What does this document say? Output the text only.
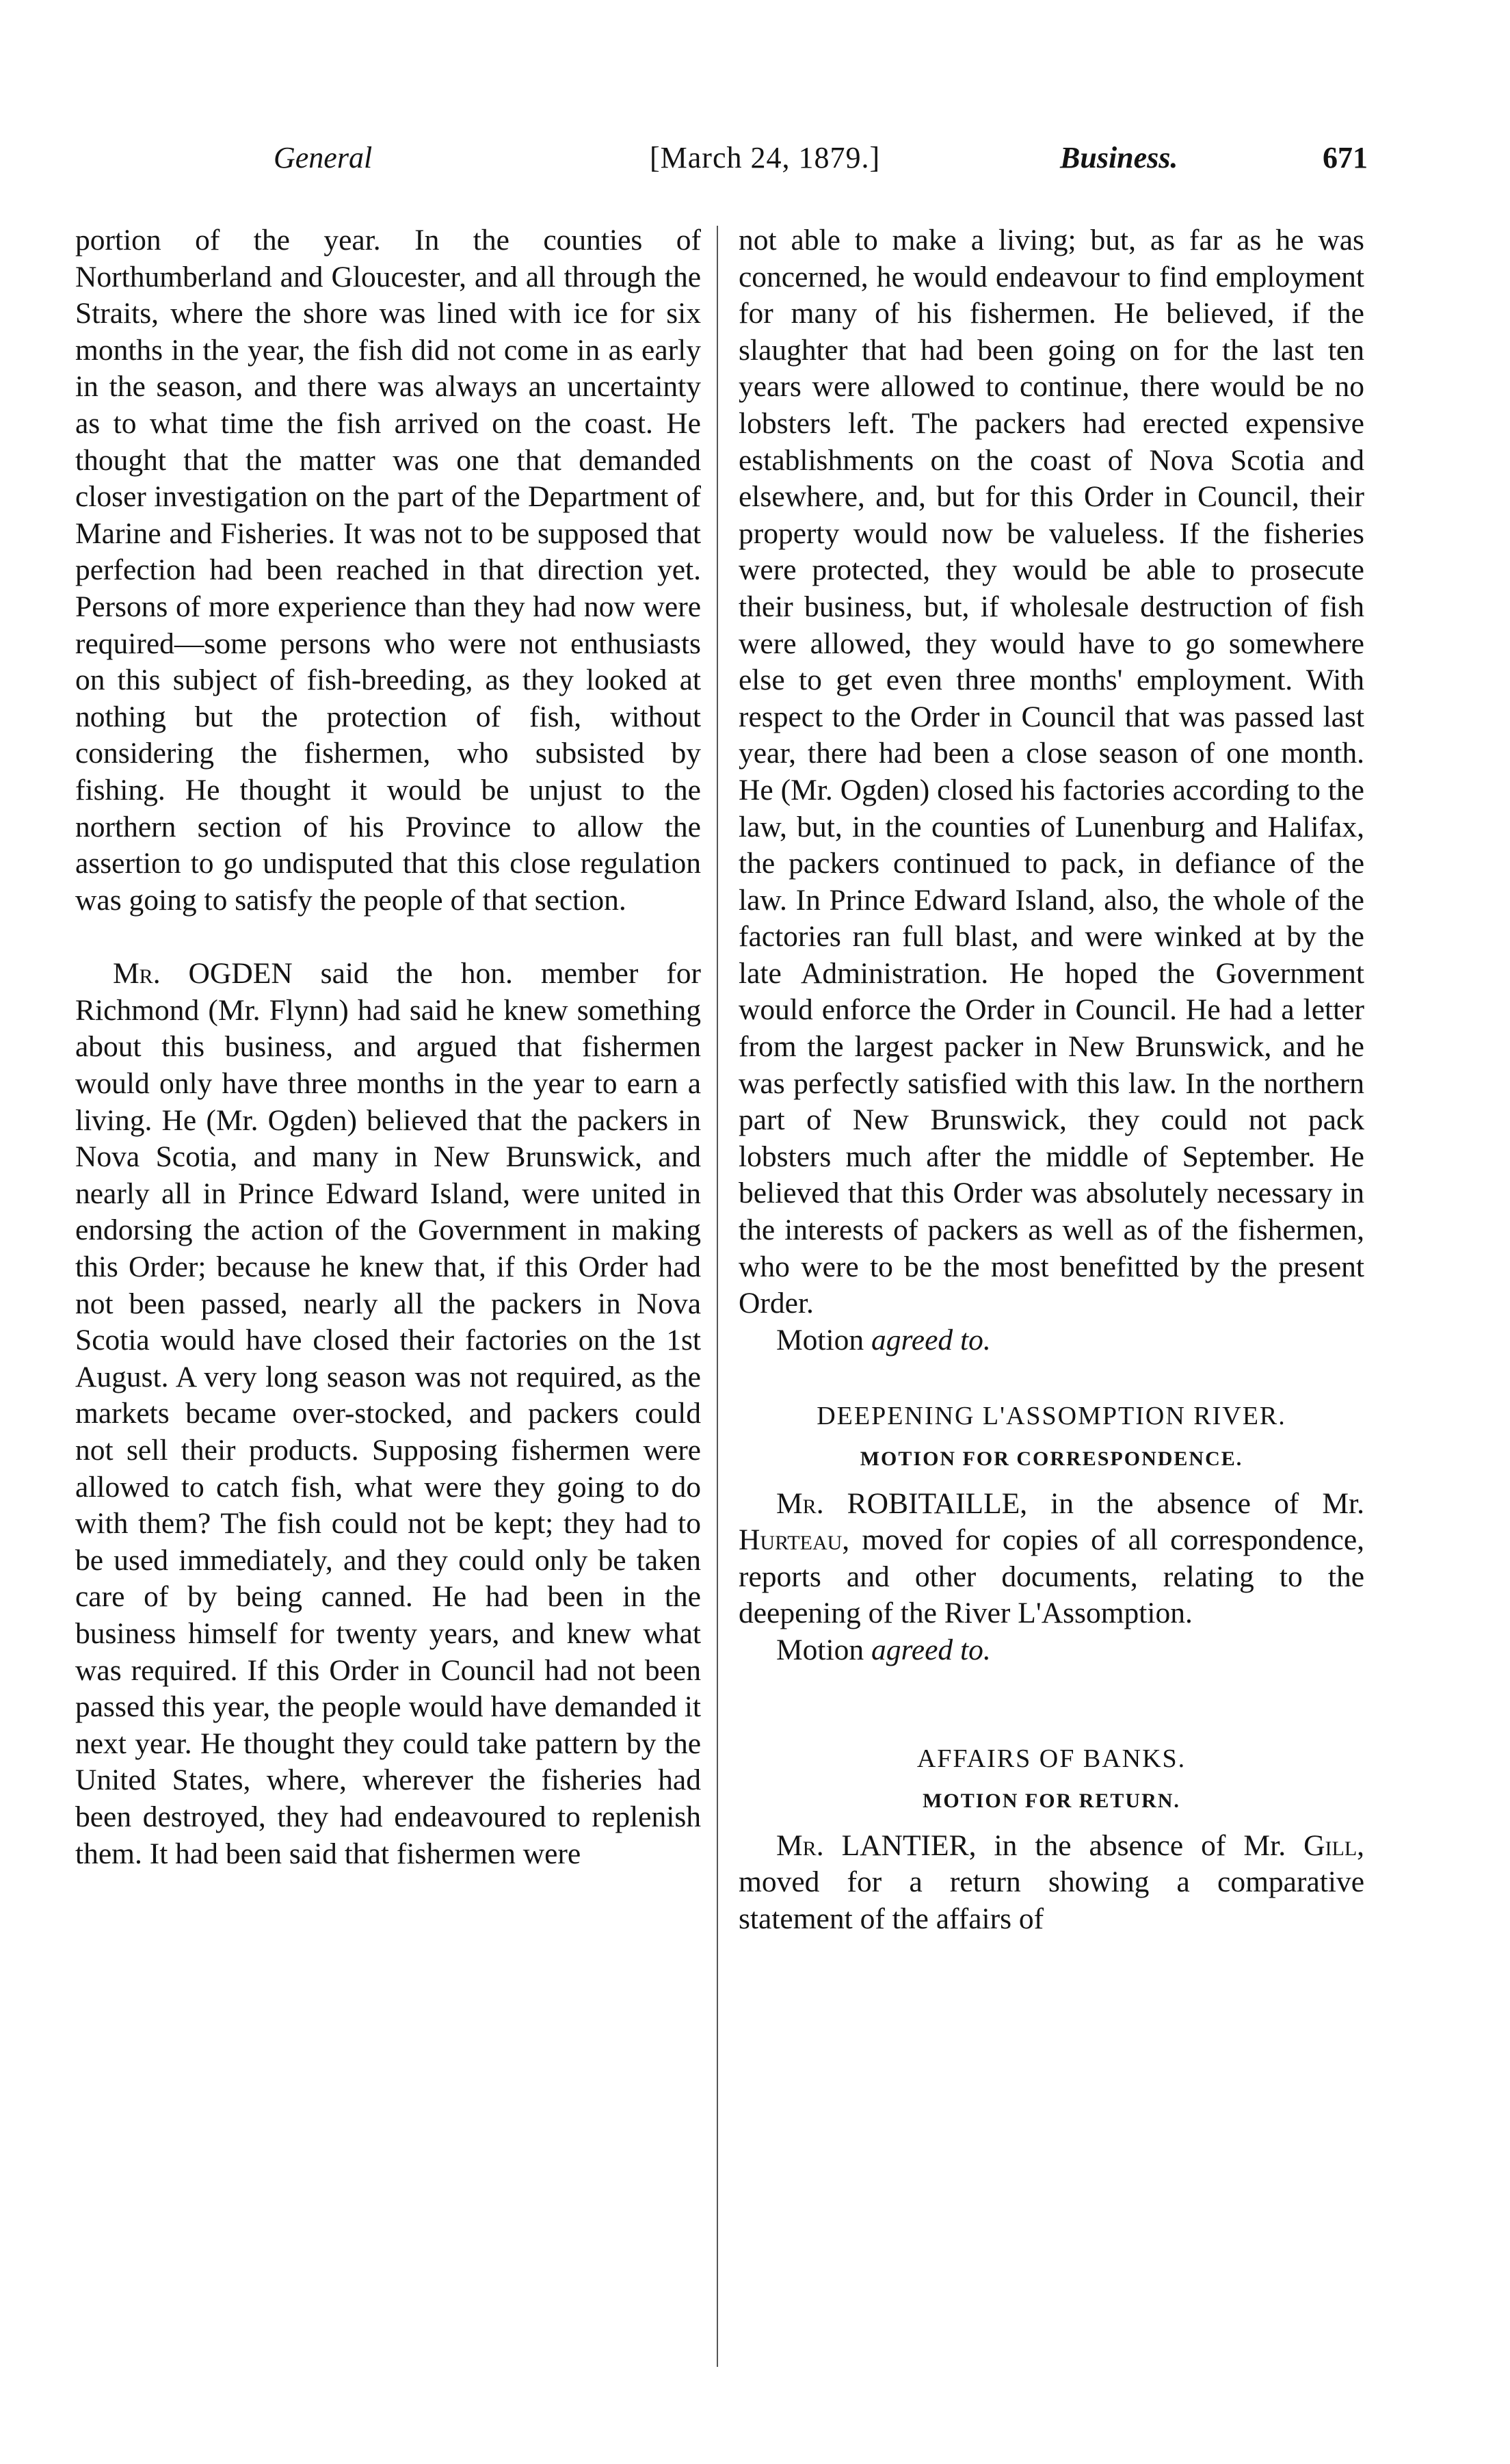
General	[March 24, 1879.]	Business.	671

portion of the year. In the counties of Northumberland and Gloucester, and all through the Straits, where the shore was lined with ice for six months in the year, the fish did not come in as early in the season, and there was always an uncertainty as to what time the fish arrived on the coast. He thought that the matter was one that demanded closer investigation on the part of the Department of Marine and Fisheries. It was not to be supposed that perfection had been reached in that direction yet. Persons of more experience than they had now were required—some persons who were not enthusiasts on this subject of fish-breeding, as they looked at nothing but the protection of fish, without considering the fishermen, who subsisted by fishing. He thought it would be unjust to the northern section of his Province to allow the assertion to go undisputed that this close regulation was going to satisfy the people of that section.

Mr. OGDEN said the hon. member for Richmond (Mr. Flynn) had said he knew something about this business, and argued that fishermen would only have three months in the year to earn a living. He (Mr. Ogden) believed that the packers in Nova Scotia, and many in New Brunswick, and nearly all in Prince Edward Island, were united in endorsing the action of the Government in making this Order; because he knew that, if this Order had not been passed, nearly all the packers in Nova Scotia would have closed their factories on the 1st August. A very long season was not required, as the markets became over-stocked, and packers could not sell their products. Supposing fishermen were allowed to catch fish, what were they going to do with them? The fish could not be kept; they had to be used immediately, and they could only be taken care of by being canned. He had been in the business himself for twenty years, and knew what was required. If this Order in Council had not been passed this year, the people would have demanded it next year. He thought they could take pattern by the United States, where, wherever the fisheries had been destroyed, they had endeavoured to replenish them. It had been said that fishermen were

not able to make a living; but, as far as he was concerned, he would endeavour to find employment for many of his fishermen. He believed, if the slaughter that had been going on for the last ten years were allowed to continue, there would be no lobsters left. The packers had erected expensive establishments on the coast of Nova Scotia and elsewhere, and, but for this Order in Council, their property would now be valueless. If the fisheries were protected, they would be able to prosecute their business, but, if wholesale destruction of fish were allowed, they would have to go somewhere else to get even three months' employment. With respect to the Order in Council that was passed last year, there had been a close season of one month. He (Mr. Ogden) closed his factories according to the law, but, in the counties of Lunenburg and Halifax, the packers continued to pack, in defiance of the law. In Prince Edward Island, also, the whole of the factories ran full blast, and were winked at by the late Administration. He hoped the Government would enforce the Order in Council. He had a letter from the largest packer in New Brunswick, and he was perfectly satisfied with this law. In the northern part of New Brunswick, they could not pack lobsters much after the middle of September. He believed that this Order was absolutely necessary in the interests of packers as well as of the fishermen, who were to be the most benefitted by the present Order.

Motion agreed to.

DEEPENING L'ASSOMPTION RIVER.

MOTION FOR CORRESPONDENCE.

Mr. ROBITAILLE, in the absence of Mr. Hurteau, moved for copies of all correspondence, reports and other documents, relating to the deepening of the River L'Assomption.

Motion agreed to.

AFFAIRS OF BANKS.

MOTION FOR RETURN.

Mr. LANTIER, in the absence of Mr. Gill, moved for a return showing a comparative statement of the affairs of
